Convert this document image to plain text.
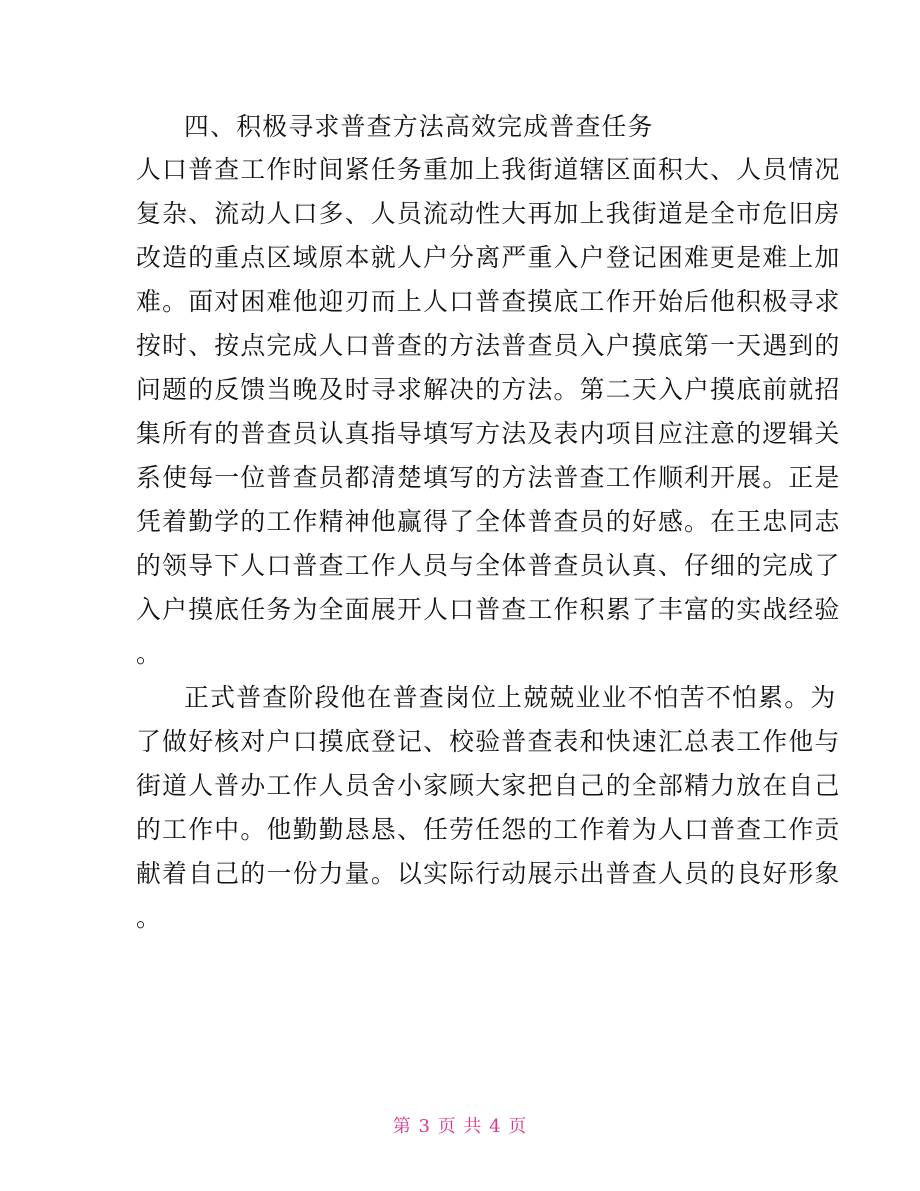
四、积极寻求普查方法高效完成普查任务
人口普查工作时间紧任务重加上我街道辖区面积大、人员情况
复杂、流动人口多、人员流动性大再加上我街道是全市危旧房
改造的重点区域原本就人户分离严重入户登记困难更是难上加
难。面对困难他迎刃而上人口普查摸底工作开始后他积极寻求
按时、按点完成人口普查的方法普查员入户摸底第一天遇到的
问题的反馈当晚及时寻求解决的方法。第二天入户摸底前就招
集所有的普查员认真指导填写方法及表内项目应注意的逻辑关
系使每一位普查员都清楚填写的方法普查工作顺利开展。正是
凭着勤学的工作精神他赢得了全体普查员的好感。在王忠同志
的领导下人口普查工作人员与全体普查员认真、仔细的完成了
入户摸底任务为全面展开人口普查工作积累了丰富的实战经验
。
正式普查阶段他在普查岗位上兢兢业业不怕苦不怕累。为
了做好核对户口摸底登记、校验普查表和快速汇总表工作他与
街道人普办工作人员舍小家顾大家把自己的全部精力放在自己
的工作中。他勤勤恳恳、任劳任怨的工作着为人口普查工作贡
献着自己的一份力量。以实际行动展示出普查人员的良好形象
。
第 3 页 共 4 页
